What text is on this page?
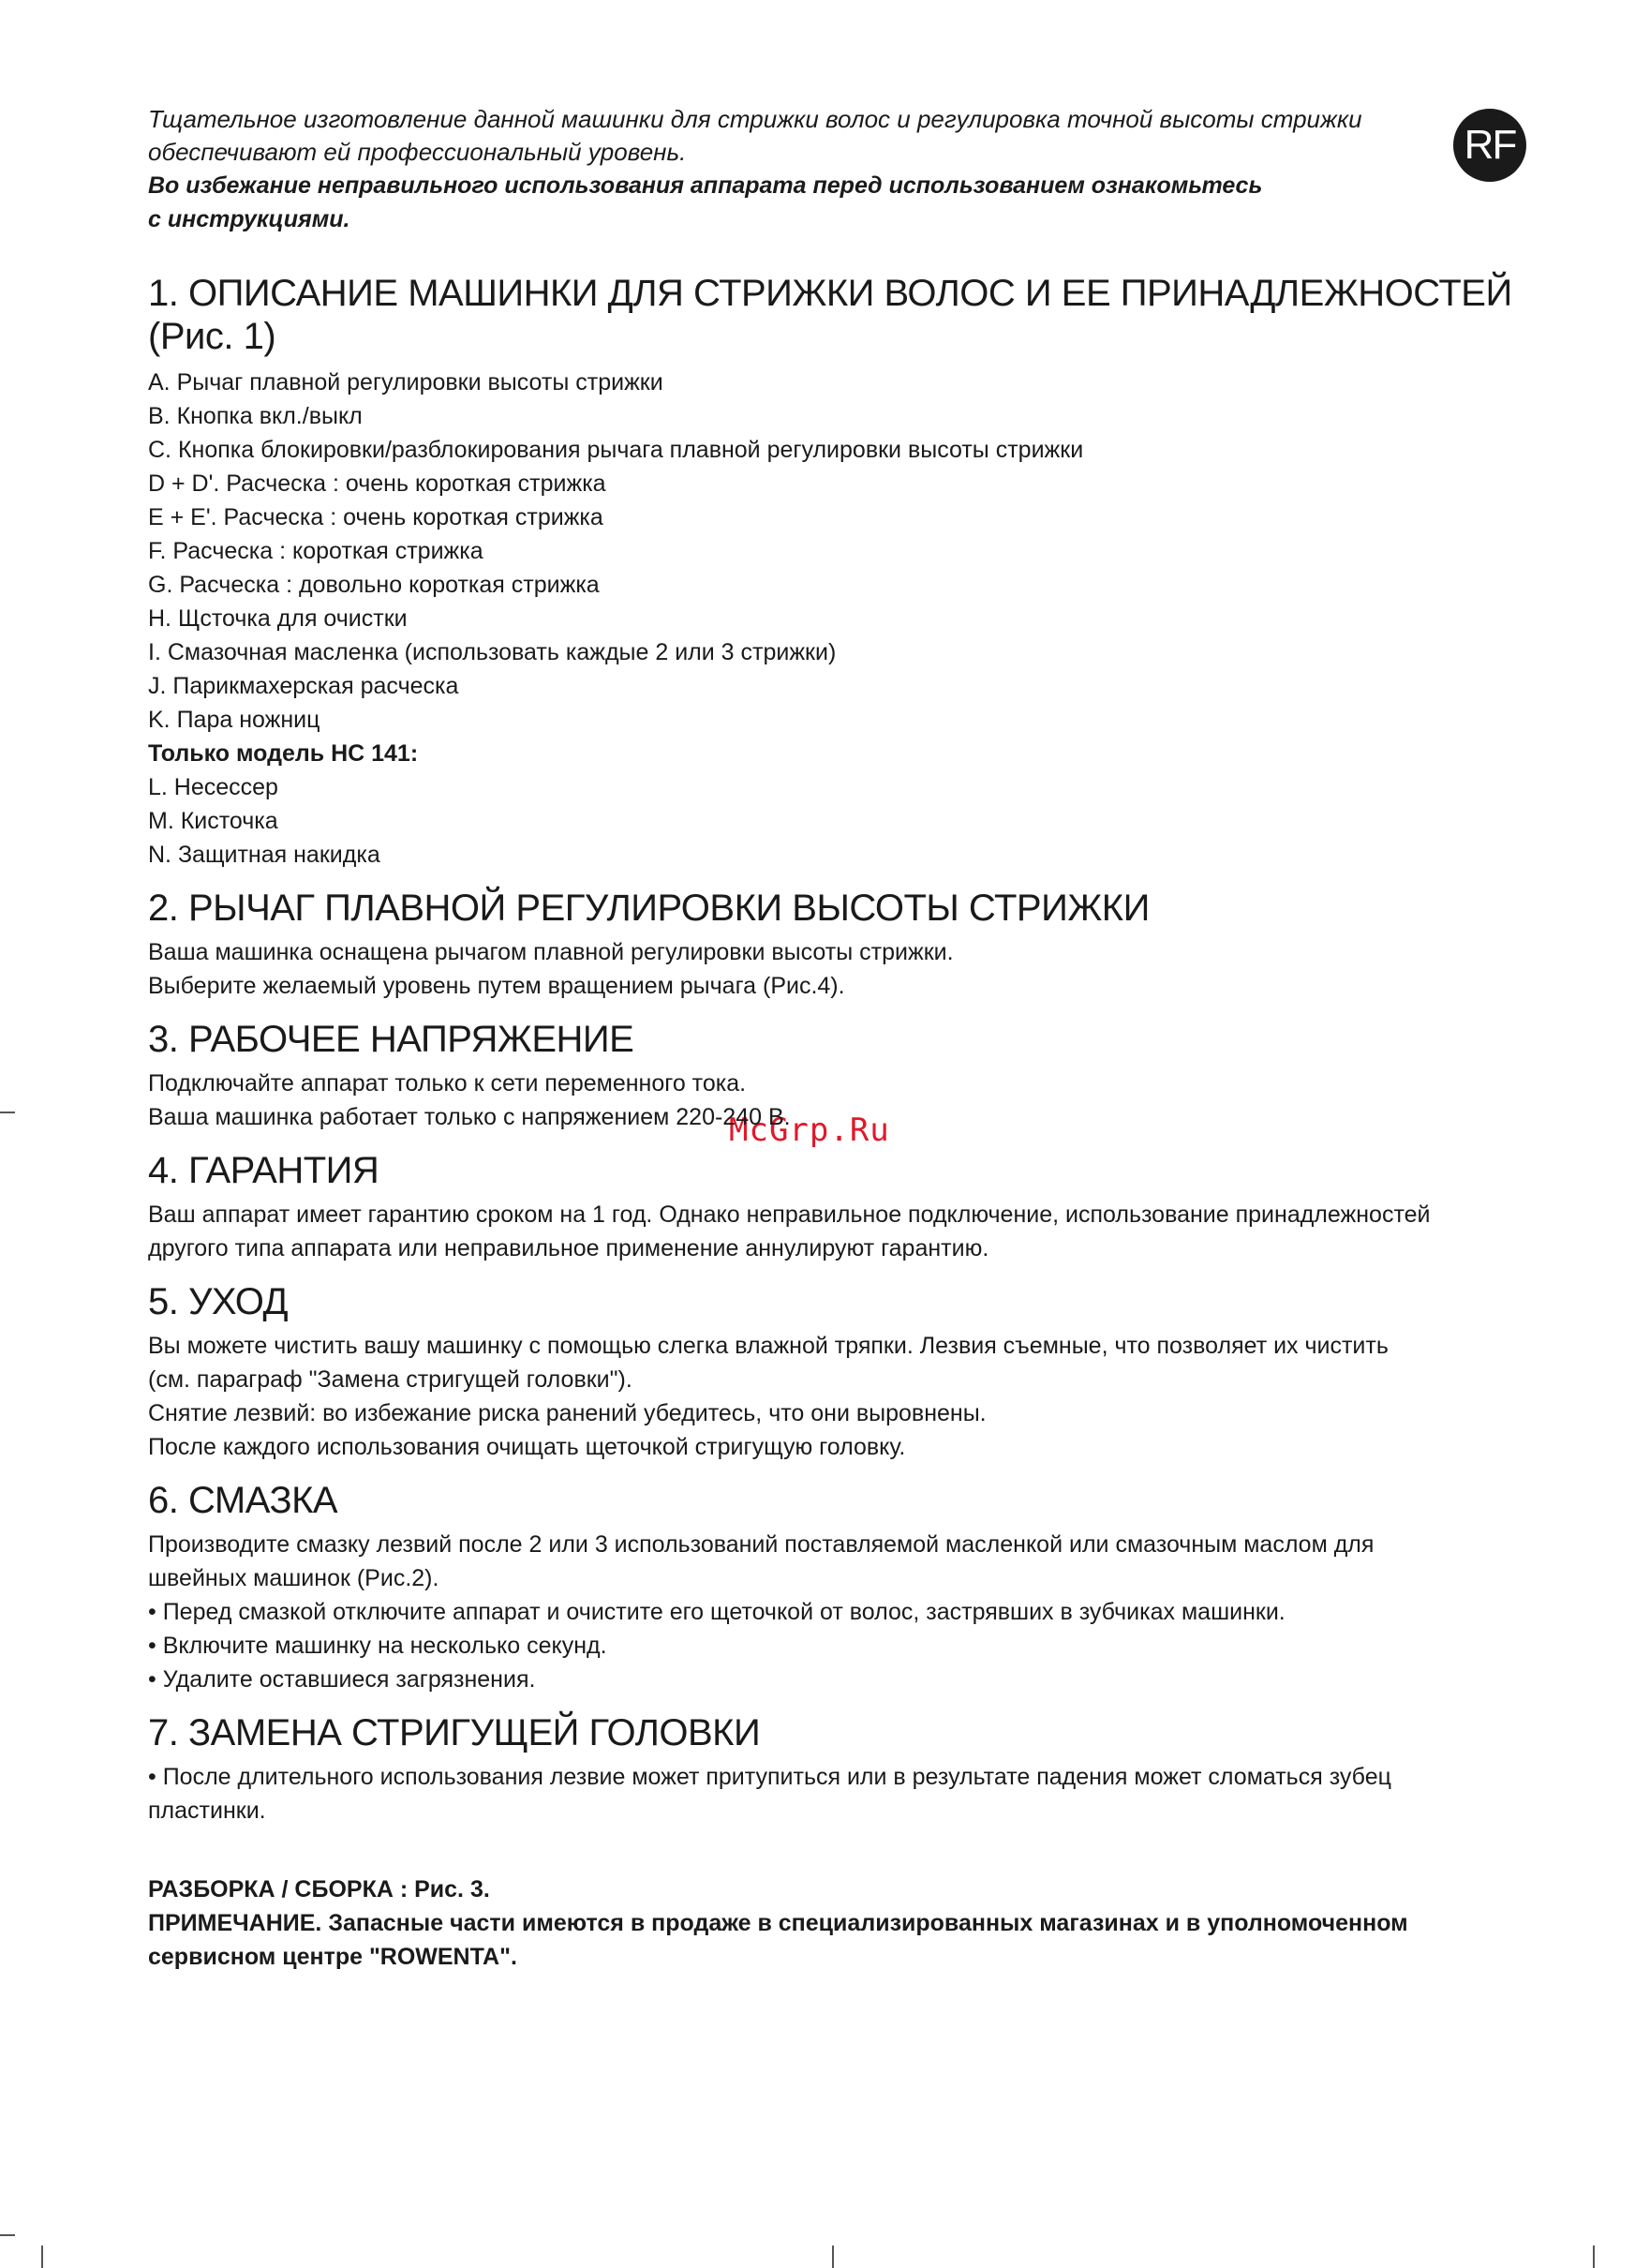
RF
McGrp.Ru

Тщательное изготовление данной машинки для стрижки волос и регулировка точной высоты стрижки

обеспечивают ей профессиональный уровень.

Во избежание неправильного использования аппарата перед использованием ознакомьтесь

с инструкциями.

1. ОПИСАНИЕ МАШИНКИ ДЛЯ СТРИЖКИ ВОЛОС И ЕЕ ПРИНАДЛЕЖНОСТЕЙ (Рис. 1)

A. Рычаг плавной регулировки высоты стрижки

B. Кнопка вкл./выкл

C. Кнопка блокировки/разблокирования рычага плавной регулировки высоты стрижки

D + D'. Расческа : очень короткая стрижка

E + E'. Расческа : очень короткая стрижка

F. Расческа : короткая стрижка

G. Расческа : довольно короткая стрижка

H. Щсточка для очистки

I. Смазочная масленка (использовать каждые 2 или 3 стрижки)

J. Парикмахерская расческа

K. Пара ножниц

Только модель HC 141:

L. Несессер

M. Кисточка

N. Защитная накидка

2. РЫЧАГ ПЛАВНОЙ РЕГУЛИРОВКИ ВЫСОТЫ СТРИЖКИ

Ваша машинка оснащена рычагом плавной регулировки высоты стрижки.

Выберите желаемый уровень путем вращением рычага (Рис.4).

3. РАБОЧЕЕ НАПРЯЖЕНИЕ

Подключайте аппарат только к сети переменного тока.

Ваша машинка работает только с напряжением 220-240 В.

4. ГАРАНТИЯ

Ваш аппарат имеет гарантию сроком на 1 год. Однако неправильное подключение, использование принадлежностей

другого типа аппарата или неправильное применение аннулируют гарантию.

5. УХОД

Вы можете чистить вашу машинку с помощью слегка влажной тряпки. Лезвия съемные, что позволяет их чистить

(см. параграф "Замена стригущей головки").

Снятие лезвий: во избежание риска ранений убедитесь, что они выровнены.

После каждого использования очищать щеточкой стригущую головку.

6. СМАЗКА

Производите смазку лезвий после 2 или 3 использований поставляемой масленкой или смазочным маслом для

швейных машинок (Рис.2).

• Перед смазкой отключите аппарат и очистите его щеточкой от волос, застрявших в зубчиках машинки.

• Включите машинку на несколько секунд.

• Удалите оставшиеся загрязнения.

7. ЗАМЕНА СТРИГУЩЕЙ ГОЛОВКИ

• После длительного использования лезвие может притупиться или в результате падения может сломаться зубец

пластинки.

РАЗБОРКА / СБОРКА : Рис. 3.

ПРИМЕЧАНИЕ. Запасные части имеются в продаже в специализированных магазинах и в уполномоченном

сервисном центре "ROWENTA".
